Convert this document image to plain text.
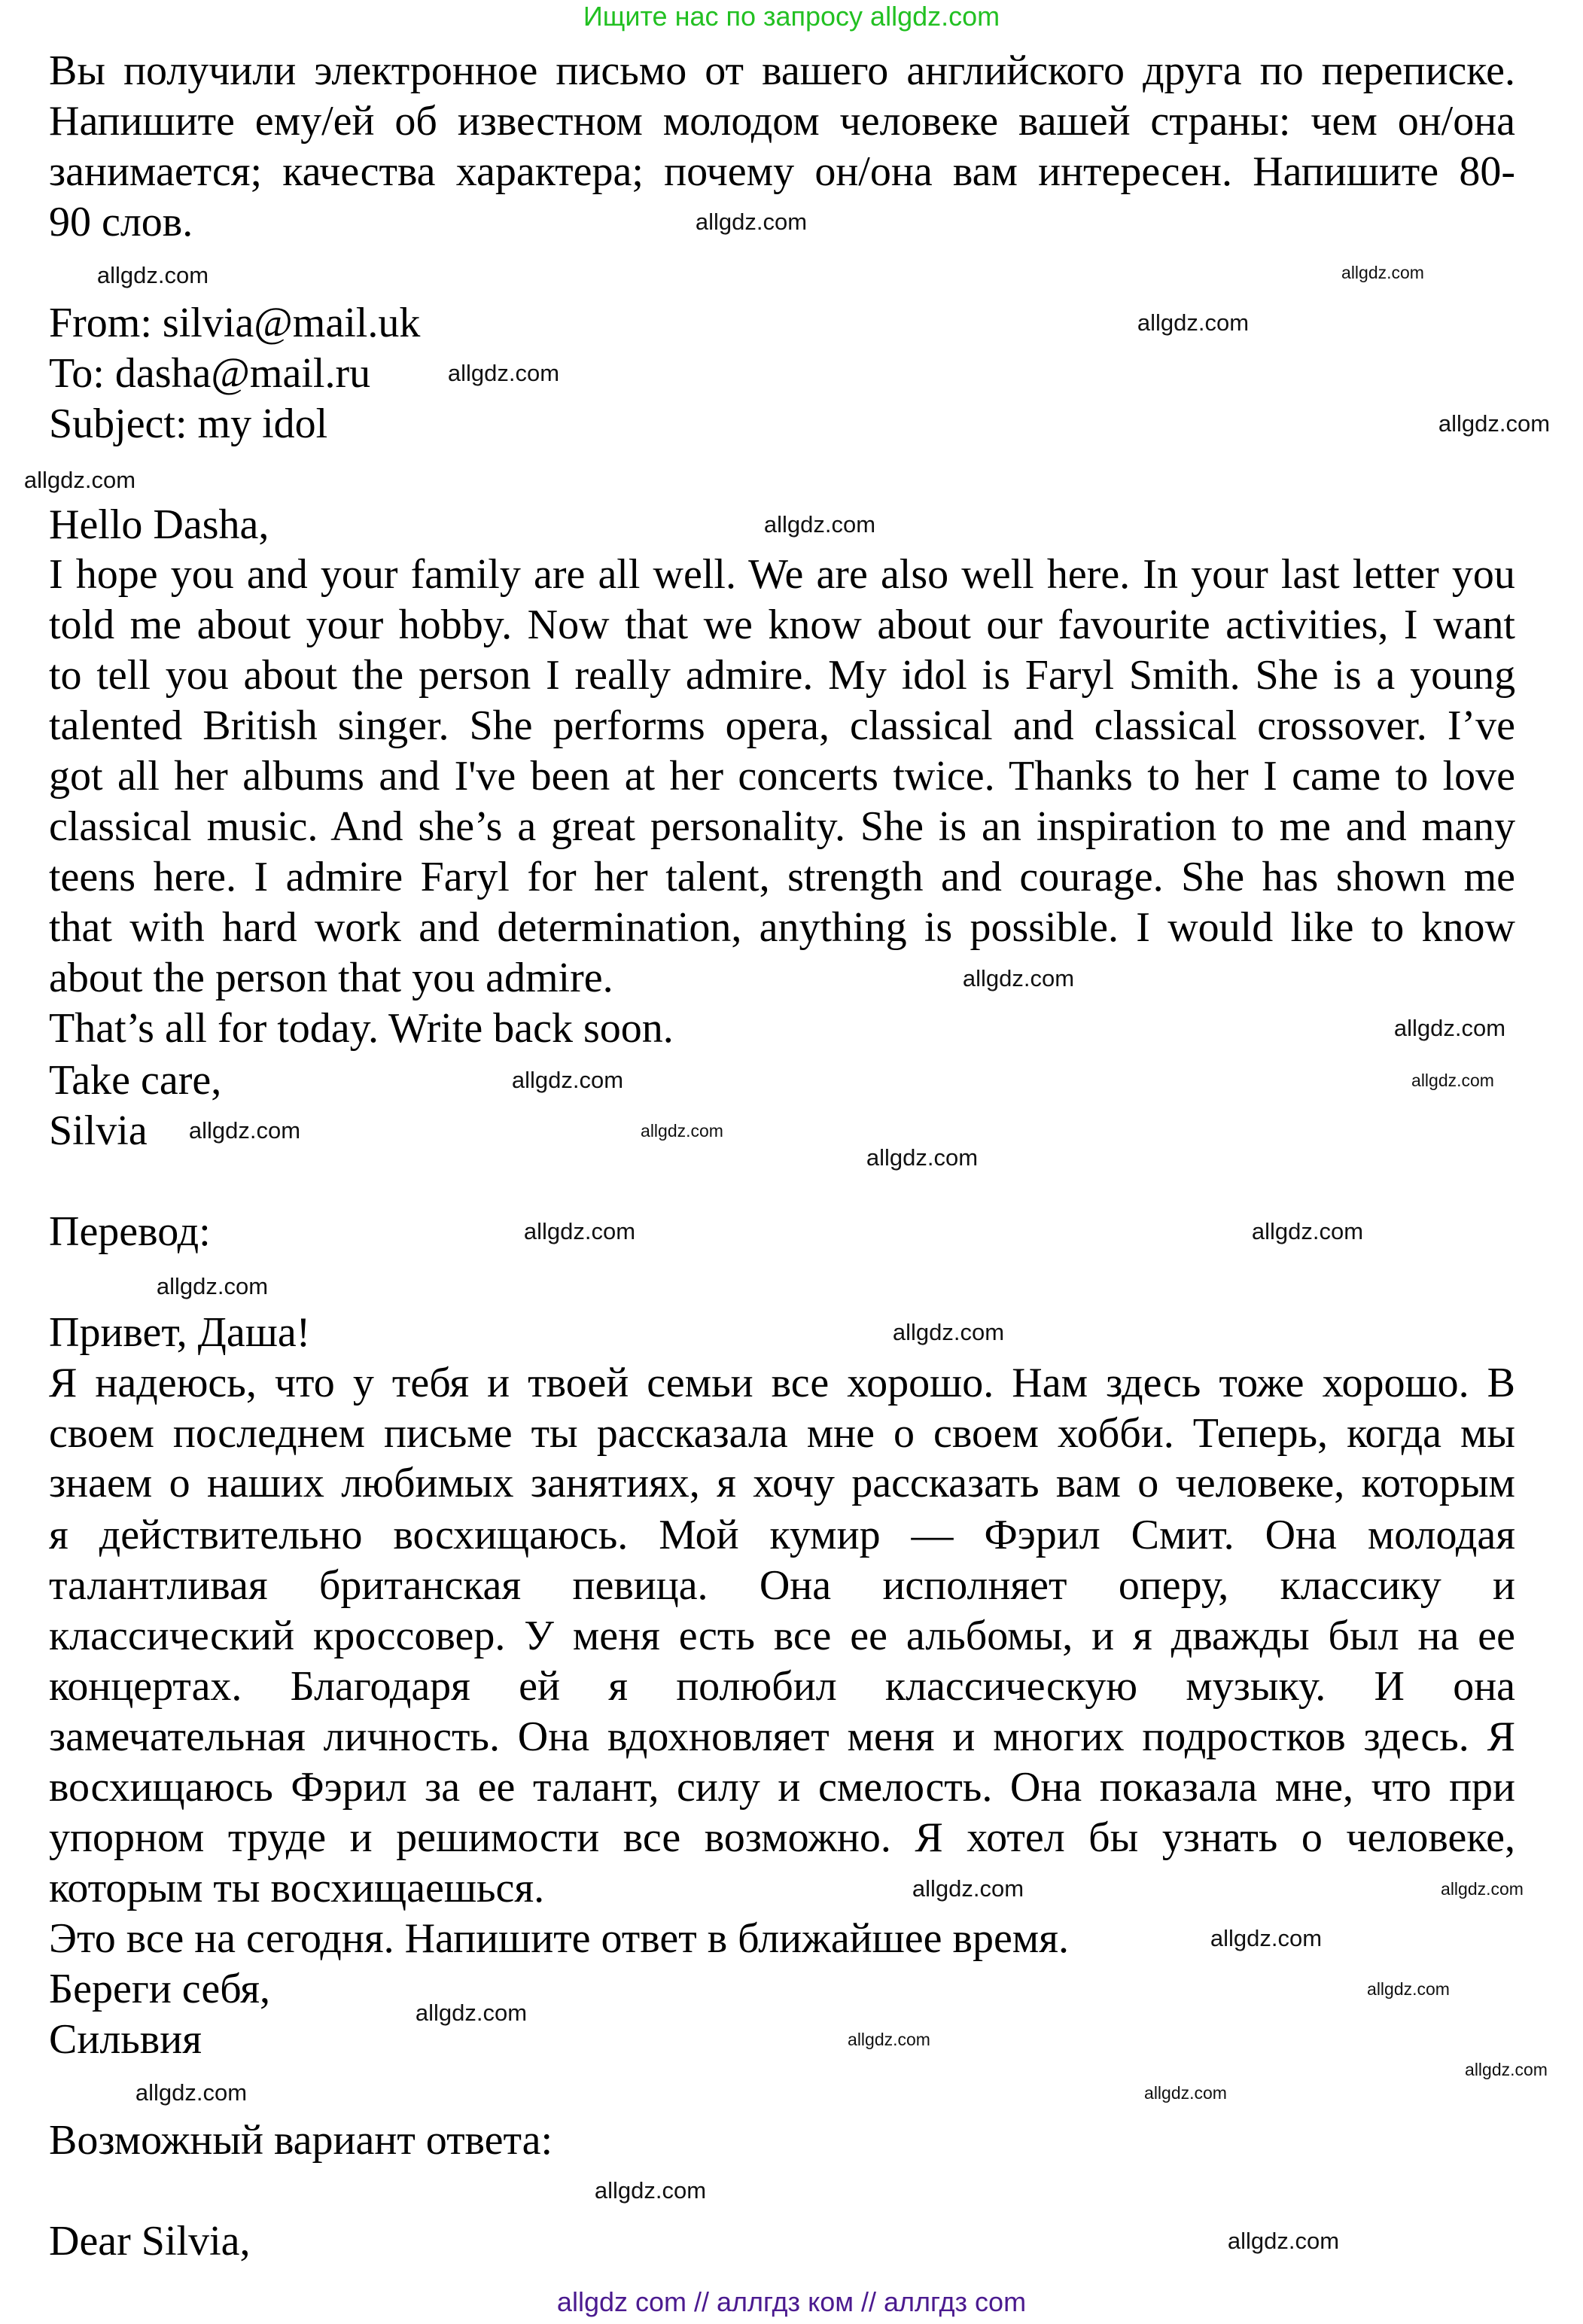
Ищите нас по запросу allgdz.com
Вы получили электронное письмо от вашего английского друга по переписке.
Напишите ему/ей об известном молодом человеке вашей страны: чем он/она
занимается; качества характера; почему он/она вам интересен. Напишите 80-
90 слов.
From: silvia@mail.uk
To: dasha@mail.ru
Subject: my idol
Hello Dasha,
I hope you and your family are all well. We are also well here. In your last letter you
told me about your hobby. Now that we know about our favourite activities, I want
to tell you about the person I really admire. My idol is Faryl Smith. She is a young
talented British singer. She performs opera, classical and classical crossover. I’ve
got all her albums and I've been at her concerts twice. Thanks to her I came to love
classical music. And she’s a great personality. She is an inspiration to me and many
teens here. I admire Faryl for her talent, strength and courage. She has shown me
that with hard work and determination, anything is possible. I would like to know
about the person that you admire.
That’s all for today. Write back soon.
Take care,
Silvia
Перевод:
Привет, Даша!
Я надеюсь, что у тебя и твоей семьи все хорошо. Нам здесь тоже хорошо. В
своем последнем письме ты рассказала мне о своем хобби. Теперь, когда мы
знаем о наших любимых занятиях, я хочу рассказать вам о человеке, которым
я действительно восхищаюсь. Мой кумир — Фэрил Смит. Она молодая
талантливая британская певица. Она исполняет оперу, классику и
классический кроссовер. У меня есть все ее альбомы, и я дважды был на ее
концертах. Благодаря ей я полюбил классическую музыку. И она
замечательная личность. Она вдохновляет меня и многих подростков здесь. Я
восхищаюсь Фэрил за ее талант, силу и смелость. Она показала мне, что при
упорном труде и решимости все возможно. Я хотел бы узнать о человеке,
которым ты восхищаешься.
Это все на сегодня. Напишите ответ в ближайшее время.
Береги себя,
Сильвия
Возможный вариант ответа:
Dear Silvia,
allgdz.com
allgdz.com
allgdz.com
allgdz.com
allgdz.com
allgdz.com
allgdz.com
allgdz.com
allgdz.com
allgdz.com
allgdz.com
allgdz.com
allgdz.com
allgdz.com
allgdz.com
allgdz.com
allgdz.com
allgdz.com
allgdz.com
allgdz.com
allgdz.com
allgdz.com
allgdz.com
allgdz.com
allgdz.com
allgdz.com
allgdz.com
allgdz.com
allgdz.com
allgdz.com
allgdz com // аллгдз ком // аллгдз com
